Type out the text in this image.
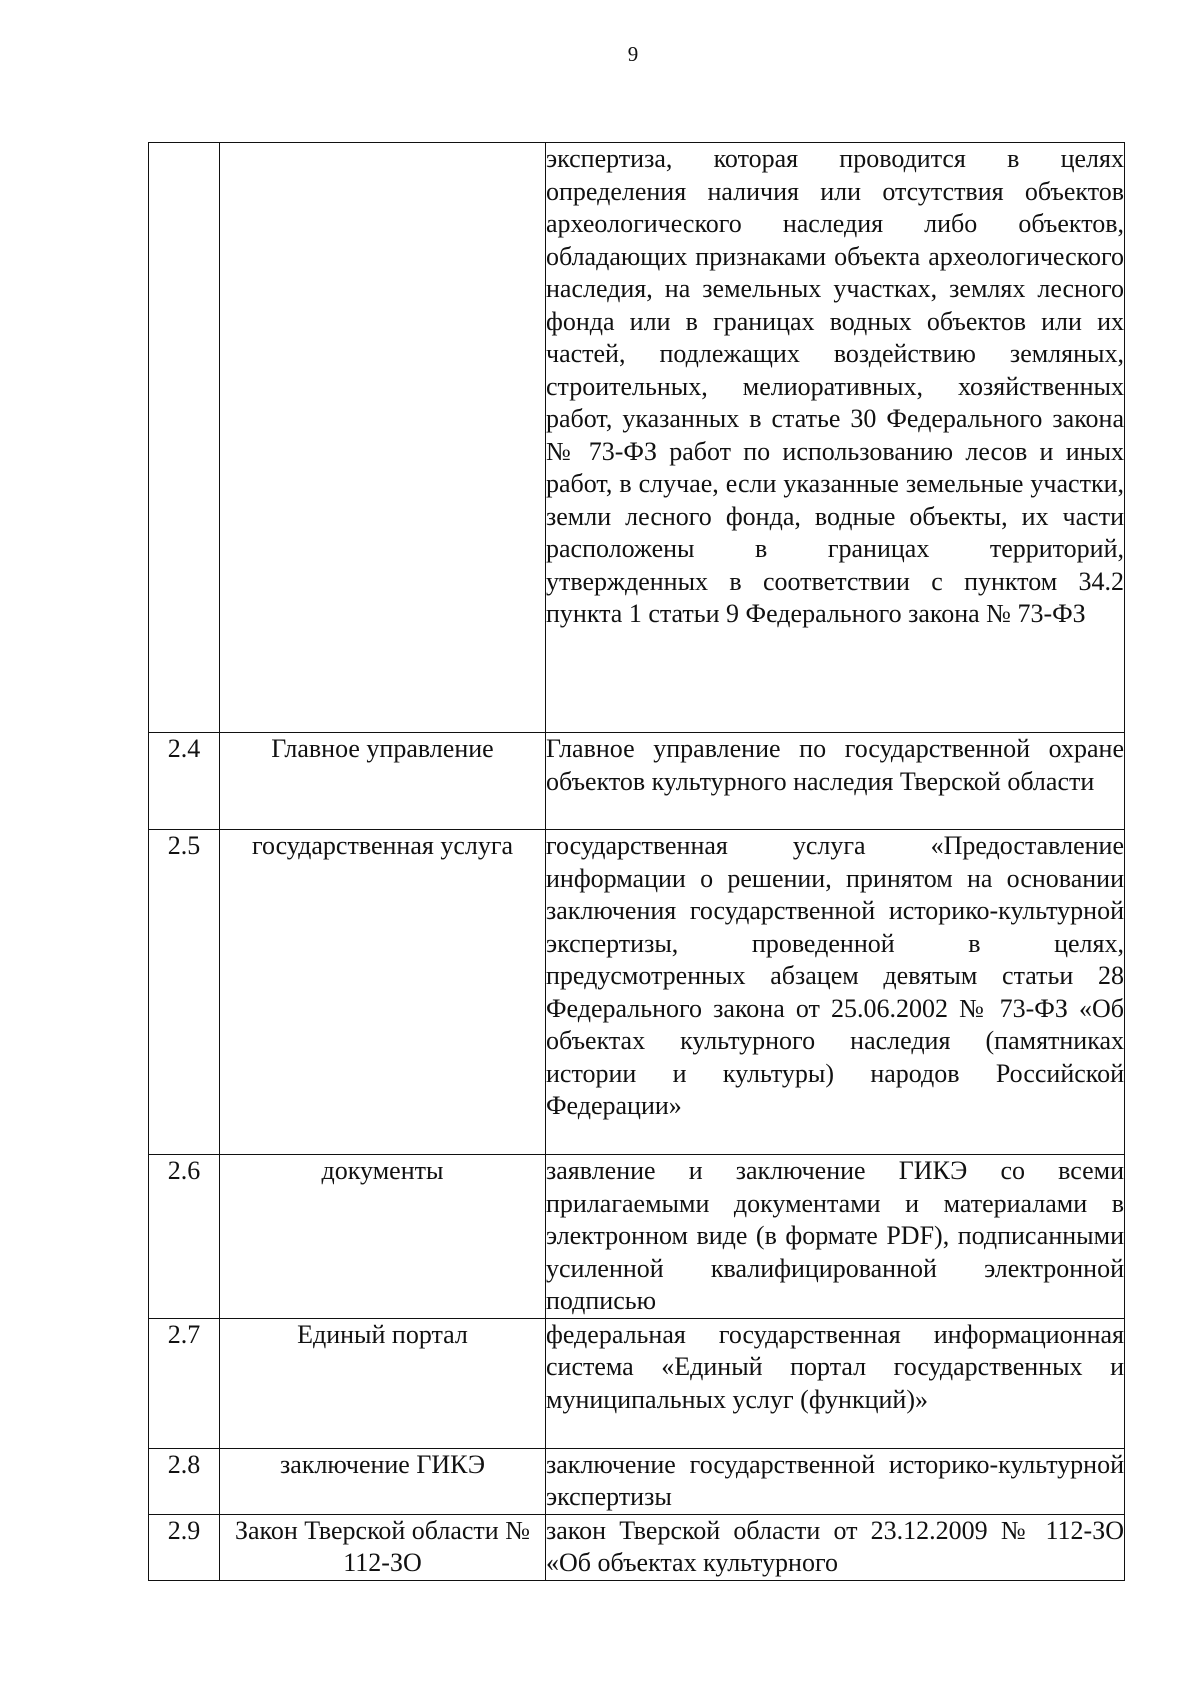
9
		экспертиза, которая проводится в целях определения наличия или отсутствия объектов археологического наследия либо объектов, обладающих признаками объекта археологического наследия, на земельных участках, землях лесного фонда или в границах водных объектов или их частей, подлежащих воздействию земляных, строительных, мелиоративных, хозяйственных работ, указанных в статье 30 Федерального закона № 73-ФЗ работ по использованию лесов и иных работ, в случае, если указанные земельные участки, земли лесного фонда, водные объекты, их части расположены в границах территорий, утвержденных в соответствии с пунктом 34.2 пункта 1 статьи 9 Федерального закона № 73-ФЗ
2.4	Главное управление	Главное управление по государственной охране объектов культурного наследия Тверской области
2.5	государственная услуга	государственная услуга «Предоставление информации о решении, принятом на основании заключения государственной историко-культурной экспертизы, проведенной в целях, предусмотренных абзацем девятым статьи 28 Федерального закона от 25.06.2002 № 73-ФЗ «Об объектах культурного наследия (памятниках истории и культуры) народов Российской Федерации»
2.6	документы	заявление и заключение ГИКЭ со всеми прилагаемыми документами и материалами в электронном виде (в формате PDF), подписанными усиленной квалифицированной электронной подписью
2.7	Единый портал	федеральная государственная информационная система «Единый портал государственных и муниципальных услуг (функций)»
2.8	заключение ГИКЭ	заключение государственной историко-культурной экспертизы
2.9	Закон Тверской области № 112-ЗО	закон Тверской области от 23.12.2009 № 112-ЗО «Об объектах культурного
